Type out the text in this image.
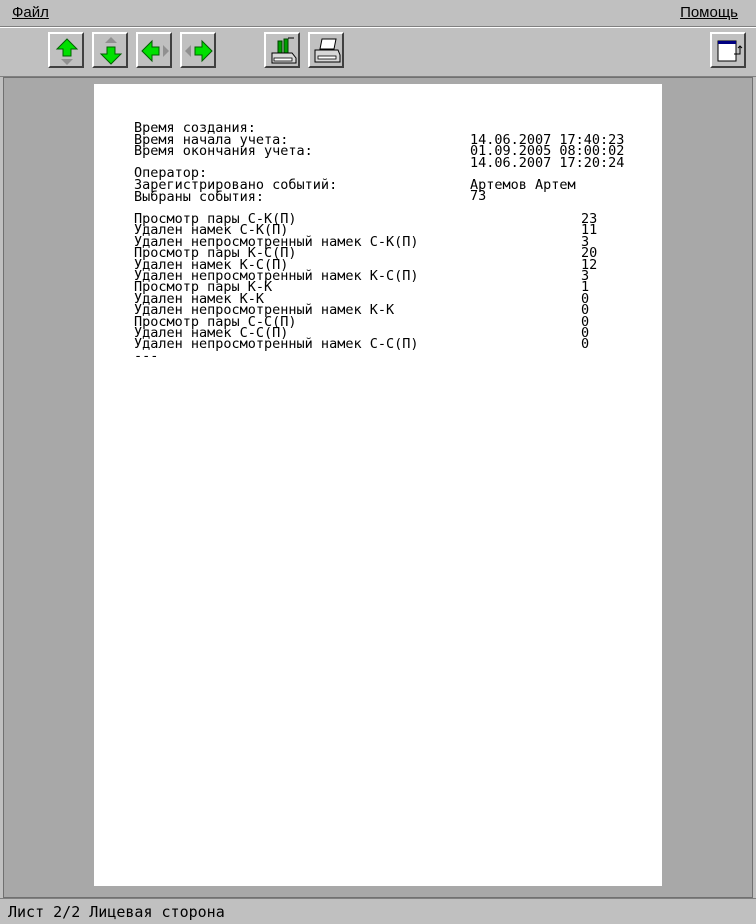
Файл	Помощь

Время создания:

14.06.2007 17:40:23

Время начала учета:

01.09.2005 08:00:02

Время окончания учета:

14.06.2007 17:20:24

Оператор:

Артемов Артем

Зарегистрировано событий:

73

Выбраны события:

Просмотр пары С-К(П)	23

Удален намек С-К(П)	11

Удален непросмотренный намек С-К(П)	3

Просмотр пары К-С(П)	20

Удален намек К-С(П)	12

Удален непросмотренный намек К-С(П)	3

Просмотр пары К-К	1

Удален намек К-К	0

Удален непросмотренный намек К-К	0

Просмотр пары С-С(П)	0

Удален намек С-С(П)	0

Удален непросмотренный намек С-С(П)	0

---

Лист 2/2 Лицевая сторона
